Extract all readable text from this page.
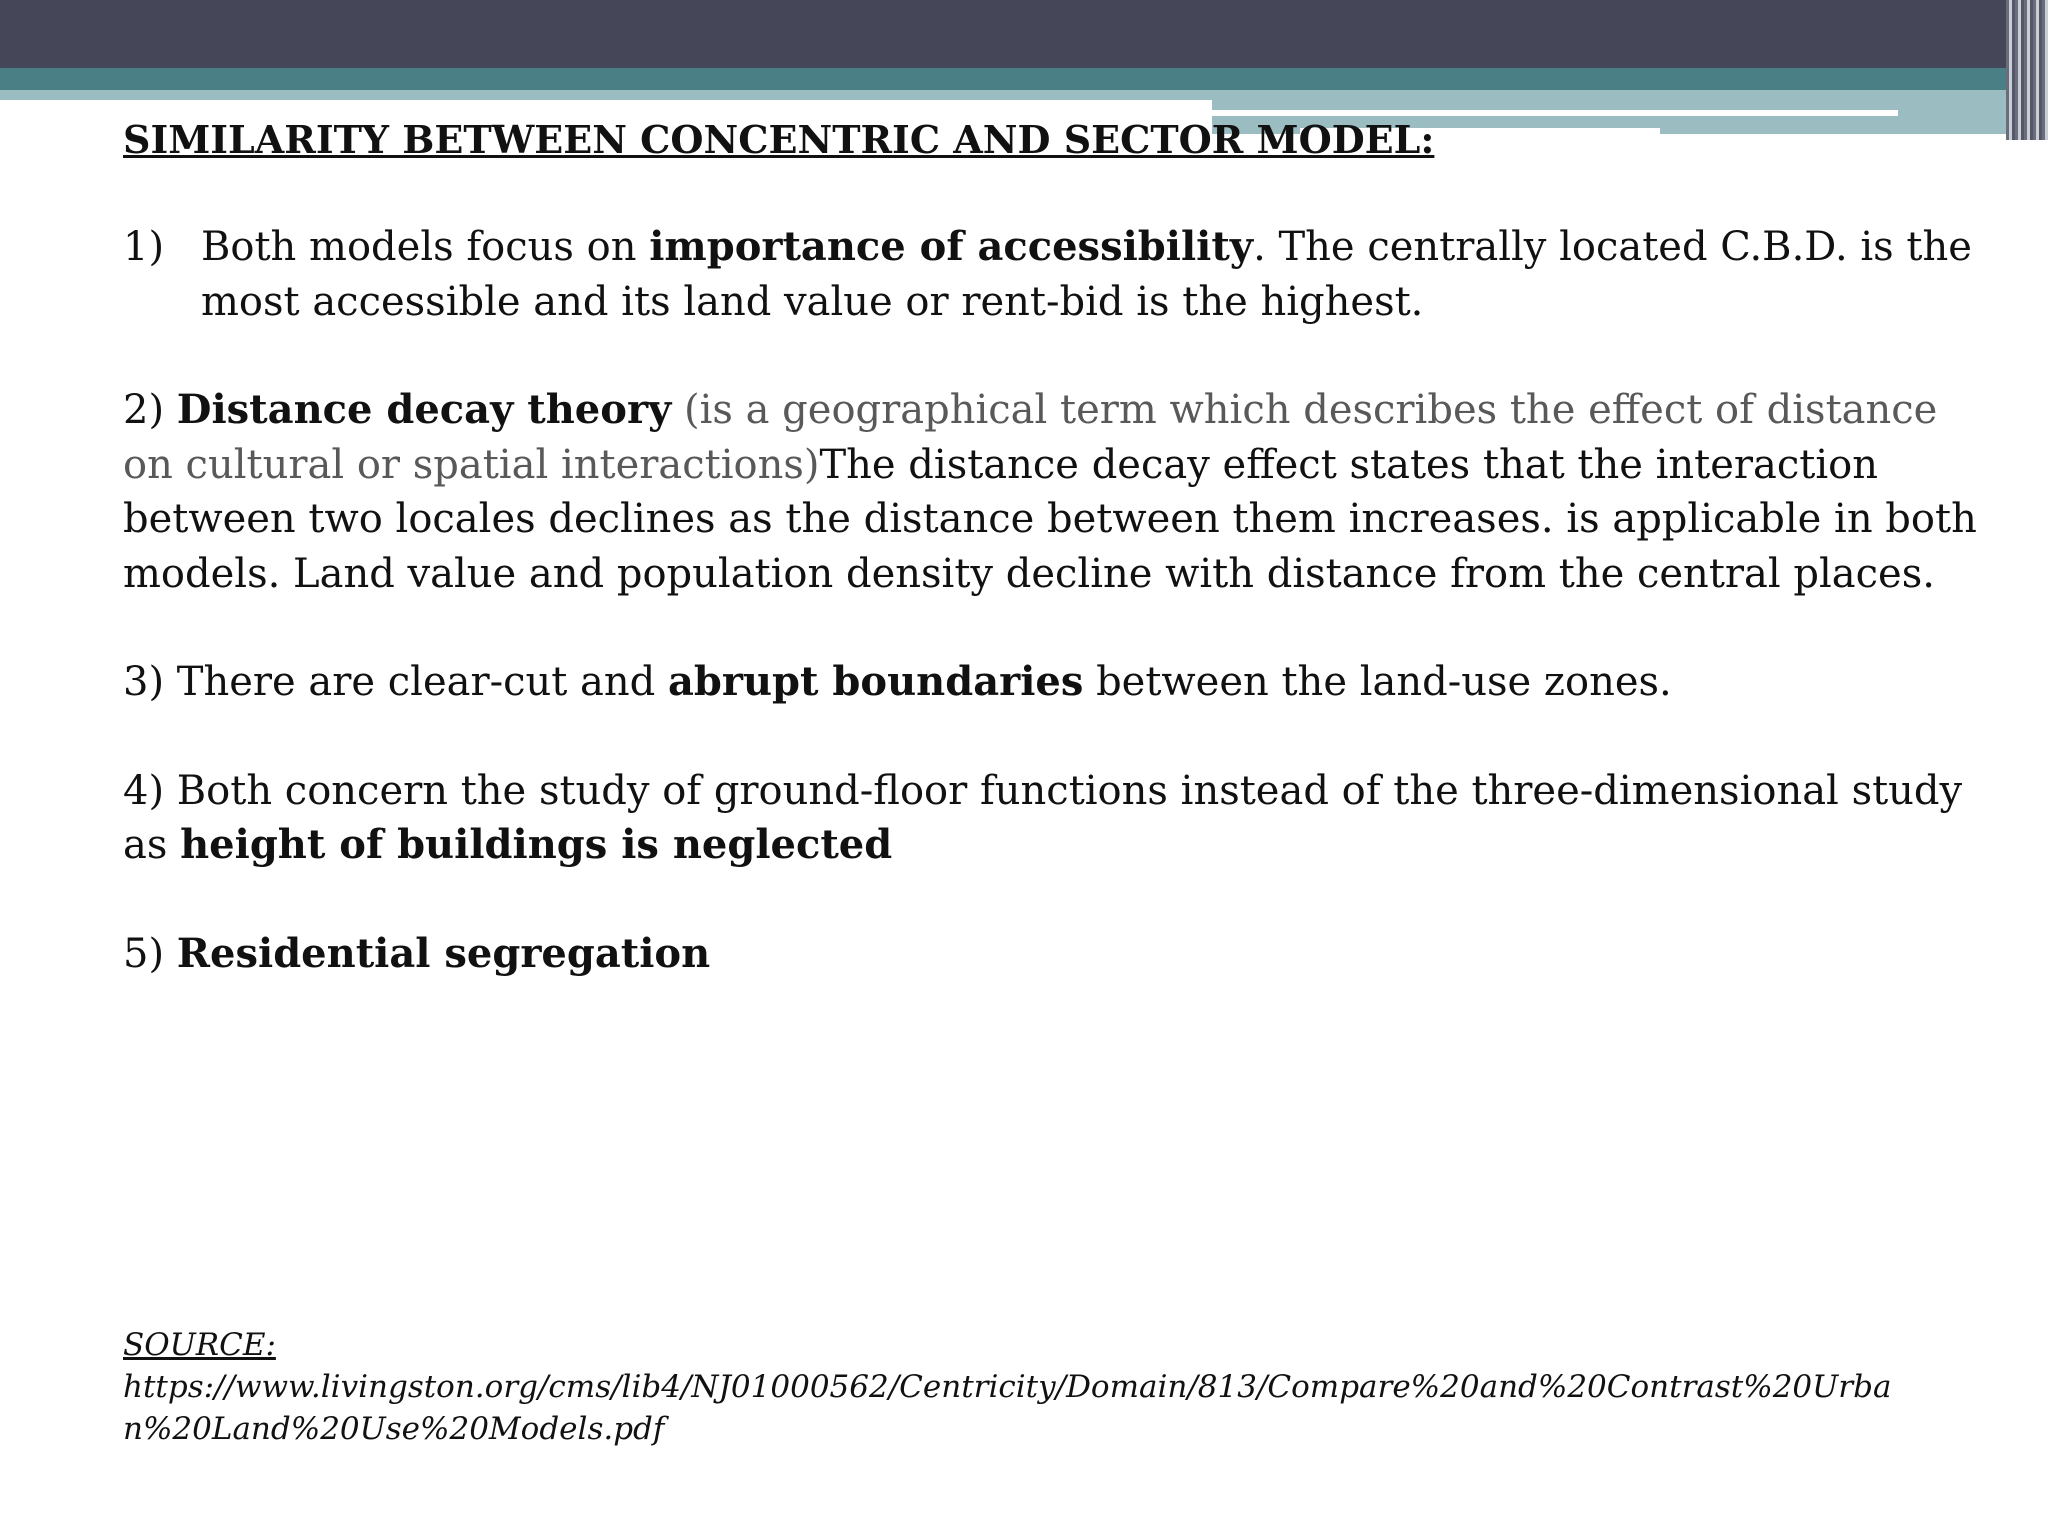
SIMILARITY BETWEEN CONCENTRIC AND SECTOR MODEL:
1) Both models focus on importance of accessibility. The centrally located C.B.D. is the most accessible and its land value or rent-bid is the highest.

2) Distance decay theory (is a geographical term which describes the effect of distance on cultural or spatial interactions)The distance decay effect states that the interaction between two locales declines as the distance between them increases. is applicable in both models. Land value and population density decline with distance from the central places.

3) There are clear-cut and abrupt boundaries between the land-use zones.

4) Both concern the study of ground-floor functions instead of the three-dimensional study as height of buildings is neglected

5) Residential segregation

SOURCE:
https://www.livingston.org/cms/lib4/NJ01000562/Centricity/Domain/813/Compare%20and%20Contrast%20Urban%20Land%20Use%20Models.pdf
